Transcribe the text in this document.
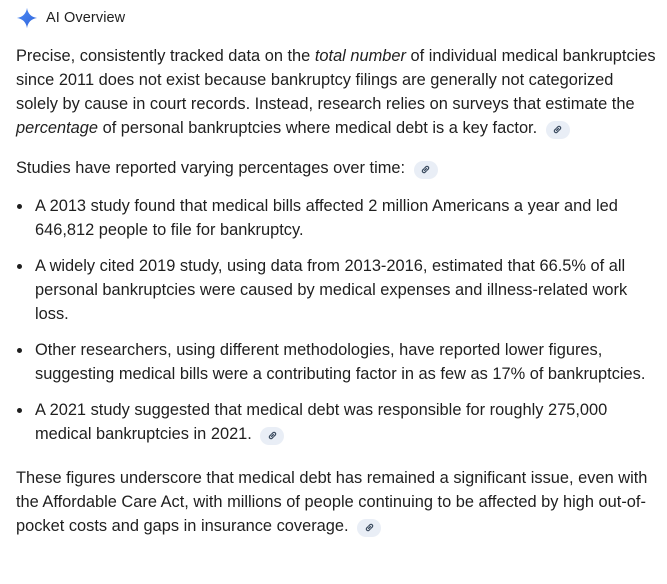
AI Overview

Precise, consistently tracked data on the total number of individual medical bankruptcies since 2011 does not exist because bankruptcy filings are generally not categorized solely by cause in court records. Instead, research relies on surveys that estimate the percentage of personal bankruptcies where medical debt is a key factor.

Studies have reported varying percentages over time:

A 2013 study found that medical bills affected 2 million Americans a year and led 646,812 people to file for bankruptcy.
A widely cited 2019 study, using data from 2013-2016, estimated that 66.5% of all personal bankruptcies were caused by medical expenses and illness-related work loss.
Other researchers, using different methodologies, have reported lower figures, suggesting medical bills were a contributing factor in as few as 17% of bankruptcies.
A 2021 study suggested that medical debt was responsible for roughly 275,000 medical bankruptcies in 2021.

These figures underscore that medical debt has remained a significant issue, even with the Affordable Care Act, with millions of people continuing to be affected by high out-of-pocket costs and gaps in insurance coverage.
